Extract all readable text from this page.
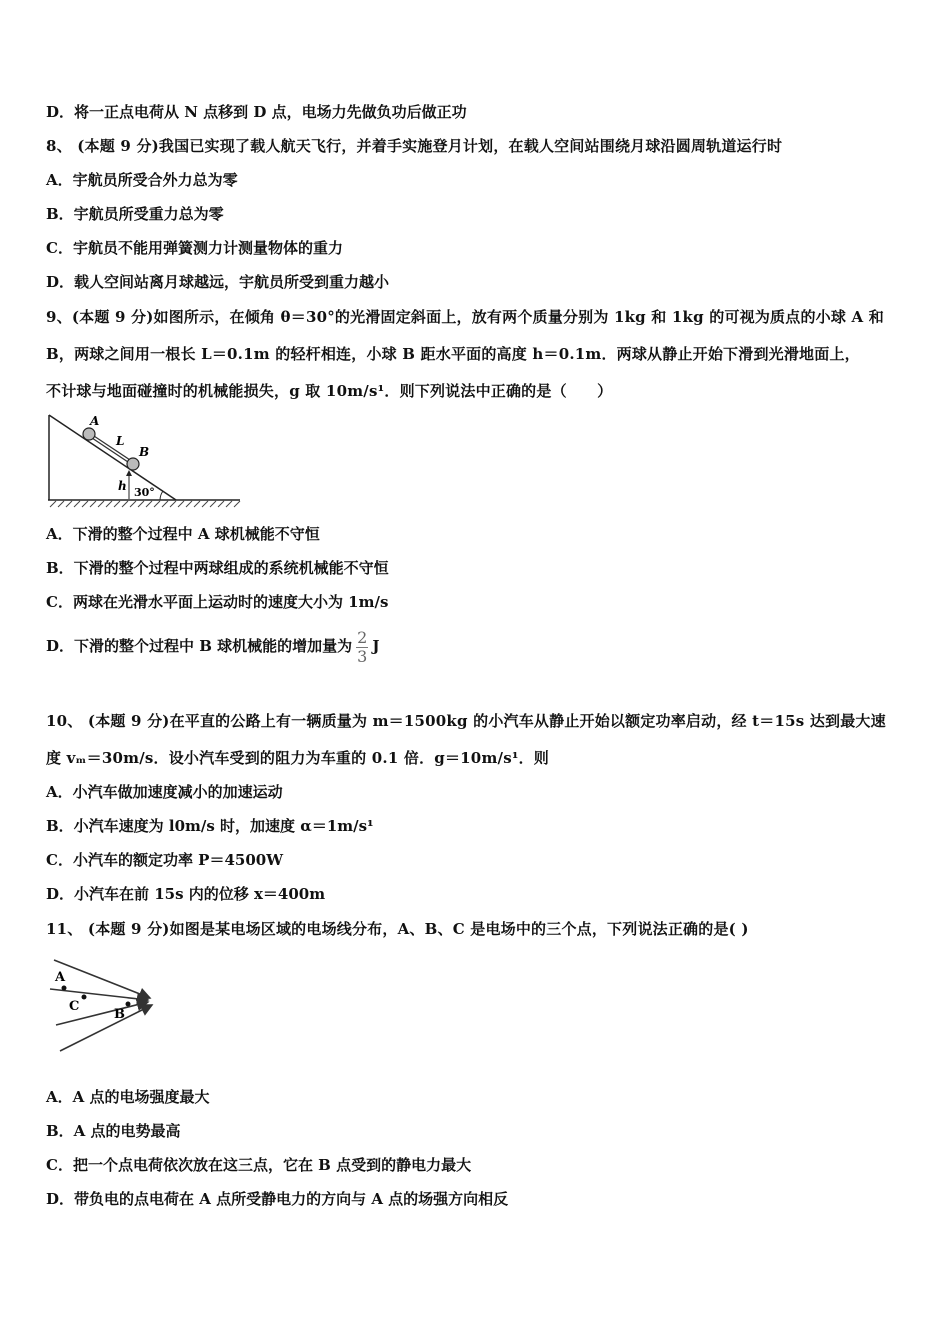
D．将一正点电荷从 N 点移到 D 点，电场力先做负功后做正功
8、 (本题 9 分)我国已实现了载人航天飞行，并着手实施登月计划，在载人空间站围绕月球沿圆周轨道运行时
A．宇航员所受合外力总为零
B．宇航员所受重力总为零
C．宇航员不能用弹簧测力计测量物体的重力
D．载人空间站离月球越远，宇航员所受到重力越小
9、(本题 9 分)如图所示，在倾角 θ＝30°的光滑固定斜面上，放有两个质量分别为 1kg 和 1kg 的可视为质点的小球 A 和
B，两球之间用一根长 L＝0.1m 的轻杆相连，小球 B 距水平面的高度 h＝0.1m．两球从静止开始下滑到光滑地面上，
不计球与地面碰撞时的机械能损失，g 取 10m/s¹．则下列说法中正确的是（　　）
A
L
B
h 30°
A．下滑的整个过程中 A 球机械能不守恒
B．下滑的整个过程中两球组成的系统机械能不守恒
C．两球在光滑水平面上运动时的速度大小为 1m/s
D．下滑的整个过程中 B 球机械能的增加量为 $\frac{2}{3}$ J
10、 (本题 9 分)在平直的公路上有一辆质量为 m＝1500kg 的小汽车从静止开始以额定功率启动，经 t＝15s 达到最大速
度 vₘ＝30m/s．设小汽车受到的阻力为车重的 0.1 倍．g＝10m/s¹．则
A．小汽车做加速度减小的加速运动
B．小汽车速度为 l0m/s 时，加速度 α＝1m/s¹
C．小汽车的额定功率 P＝4500W
D．小汽车在前 15s 内的位移 x＝400m
11、 (本题 9 分)如图是某电场区域的电场线分布，A、B、C 是电场中的三个点，下列说法正确的是( )
A
C
B
A．A 点的电场强度最大
B．A 点的电势最高
C．把一个点电荷依次放在这三点，它在 B 点受到的静电力最大
D．带负电的点电荷在 A 点所受静电力的方向与 A 点的场强方向相反
